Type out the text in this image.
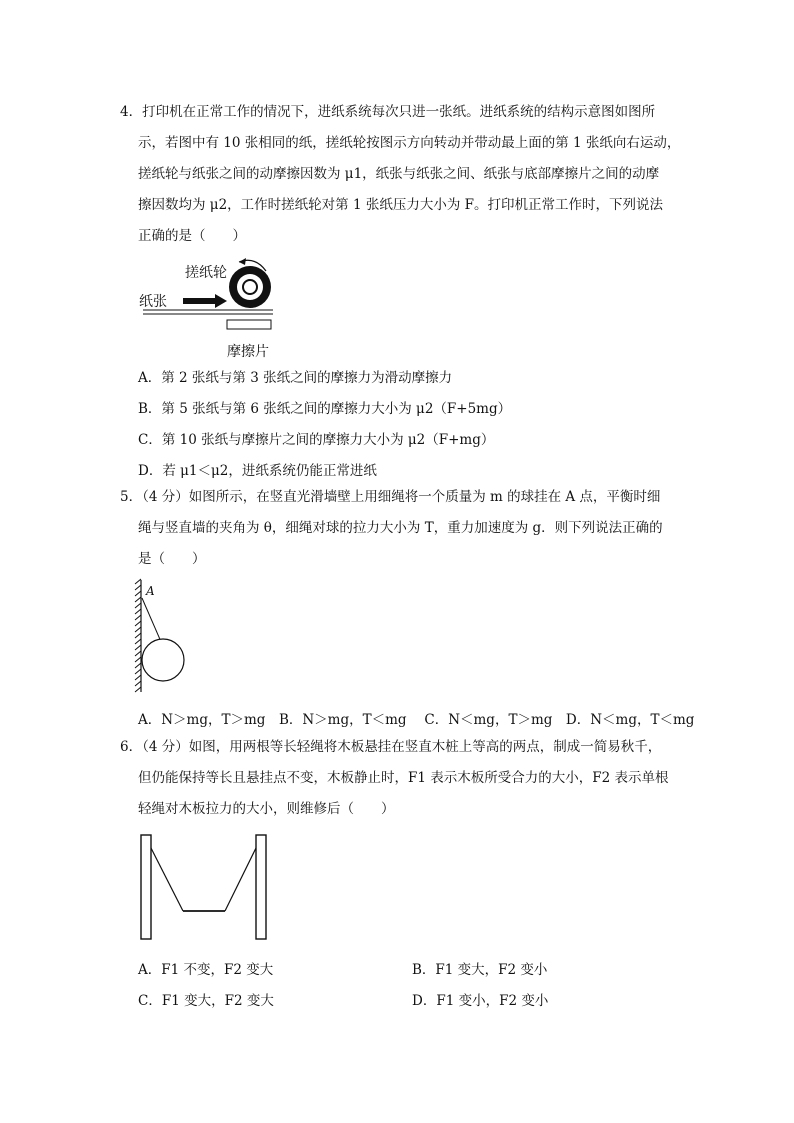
4．打印机在正常工作的情况下，进纸系统每次只进一张纸。进纸系统的结构示意图如图所
示，若图中有 10 张相同的纸，搓纸轮按图示方向转动并带动最上面的第 1 张纸向右运动，
搓纸轮与纸张之间的动摩擦因数为 μ1，纸张与纸张之间、纸张与底部摩擦片之间的动摩
擦因数均为 μ2，工作时搓纸轮对第 1 张纸压力大小为 F。打印机正常工作时，下列说法
正确的是（　　）
搓纸轮
纸张
摩擦片
A．第 2 张纸与第 3 张纸之间的摩擦力为滑动摩擦力
B．第 5 张纸与第 6 张纸之间的摩擦力大小为 μ2（F+5mg）
C．第 10 张纸与摩擦片之间的摩擦力大小为 μ2（F+mg）
D．若 μ1＜μ2，进纸系统仍能正常进纸
5．（4 分）如图所示，在竖直光滑墙壁上用细绳将一个质量为 m 的球挂在 A 点，平衡时细
绳与竖直墙的夹角为 θ，细绳对球的拉力大小为 T，重力加速度为 g．则下列说法正确的
是（　　）
A
A．N＞mg，T＞mg　B．N＞mg，T＜mg　 C．N＜mg，T＞mg　D．N＜mg，T＜mg
6．（4 分）如图，用两根等长轻绳将木板悬挂在竖直木桩上等高的两点，制成一简易秋千，
但仍能保持等长且悬挂点不变，木板静止时，F1 表示木板所受合力的大小，F2 表示单根
轻绳对木板拉力的大小，则维修后（　　）
A．F1 不变，F2 变大	B．F1 变大，F2 变小
C．F1 变大，F2 变大	D．F1 变小，F2 变小
